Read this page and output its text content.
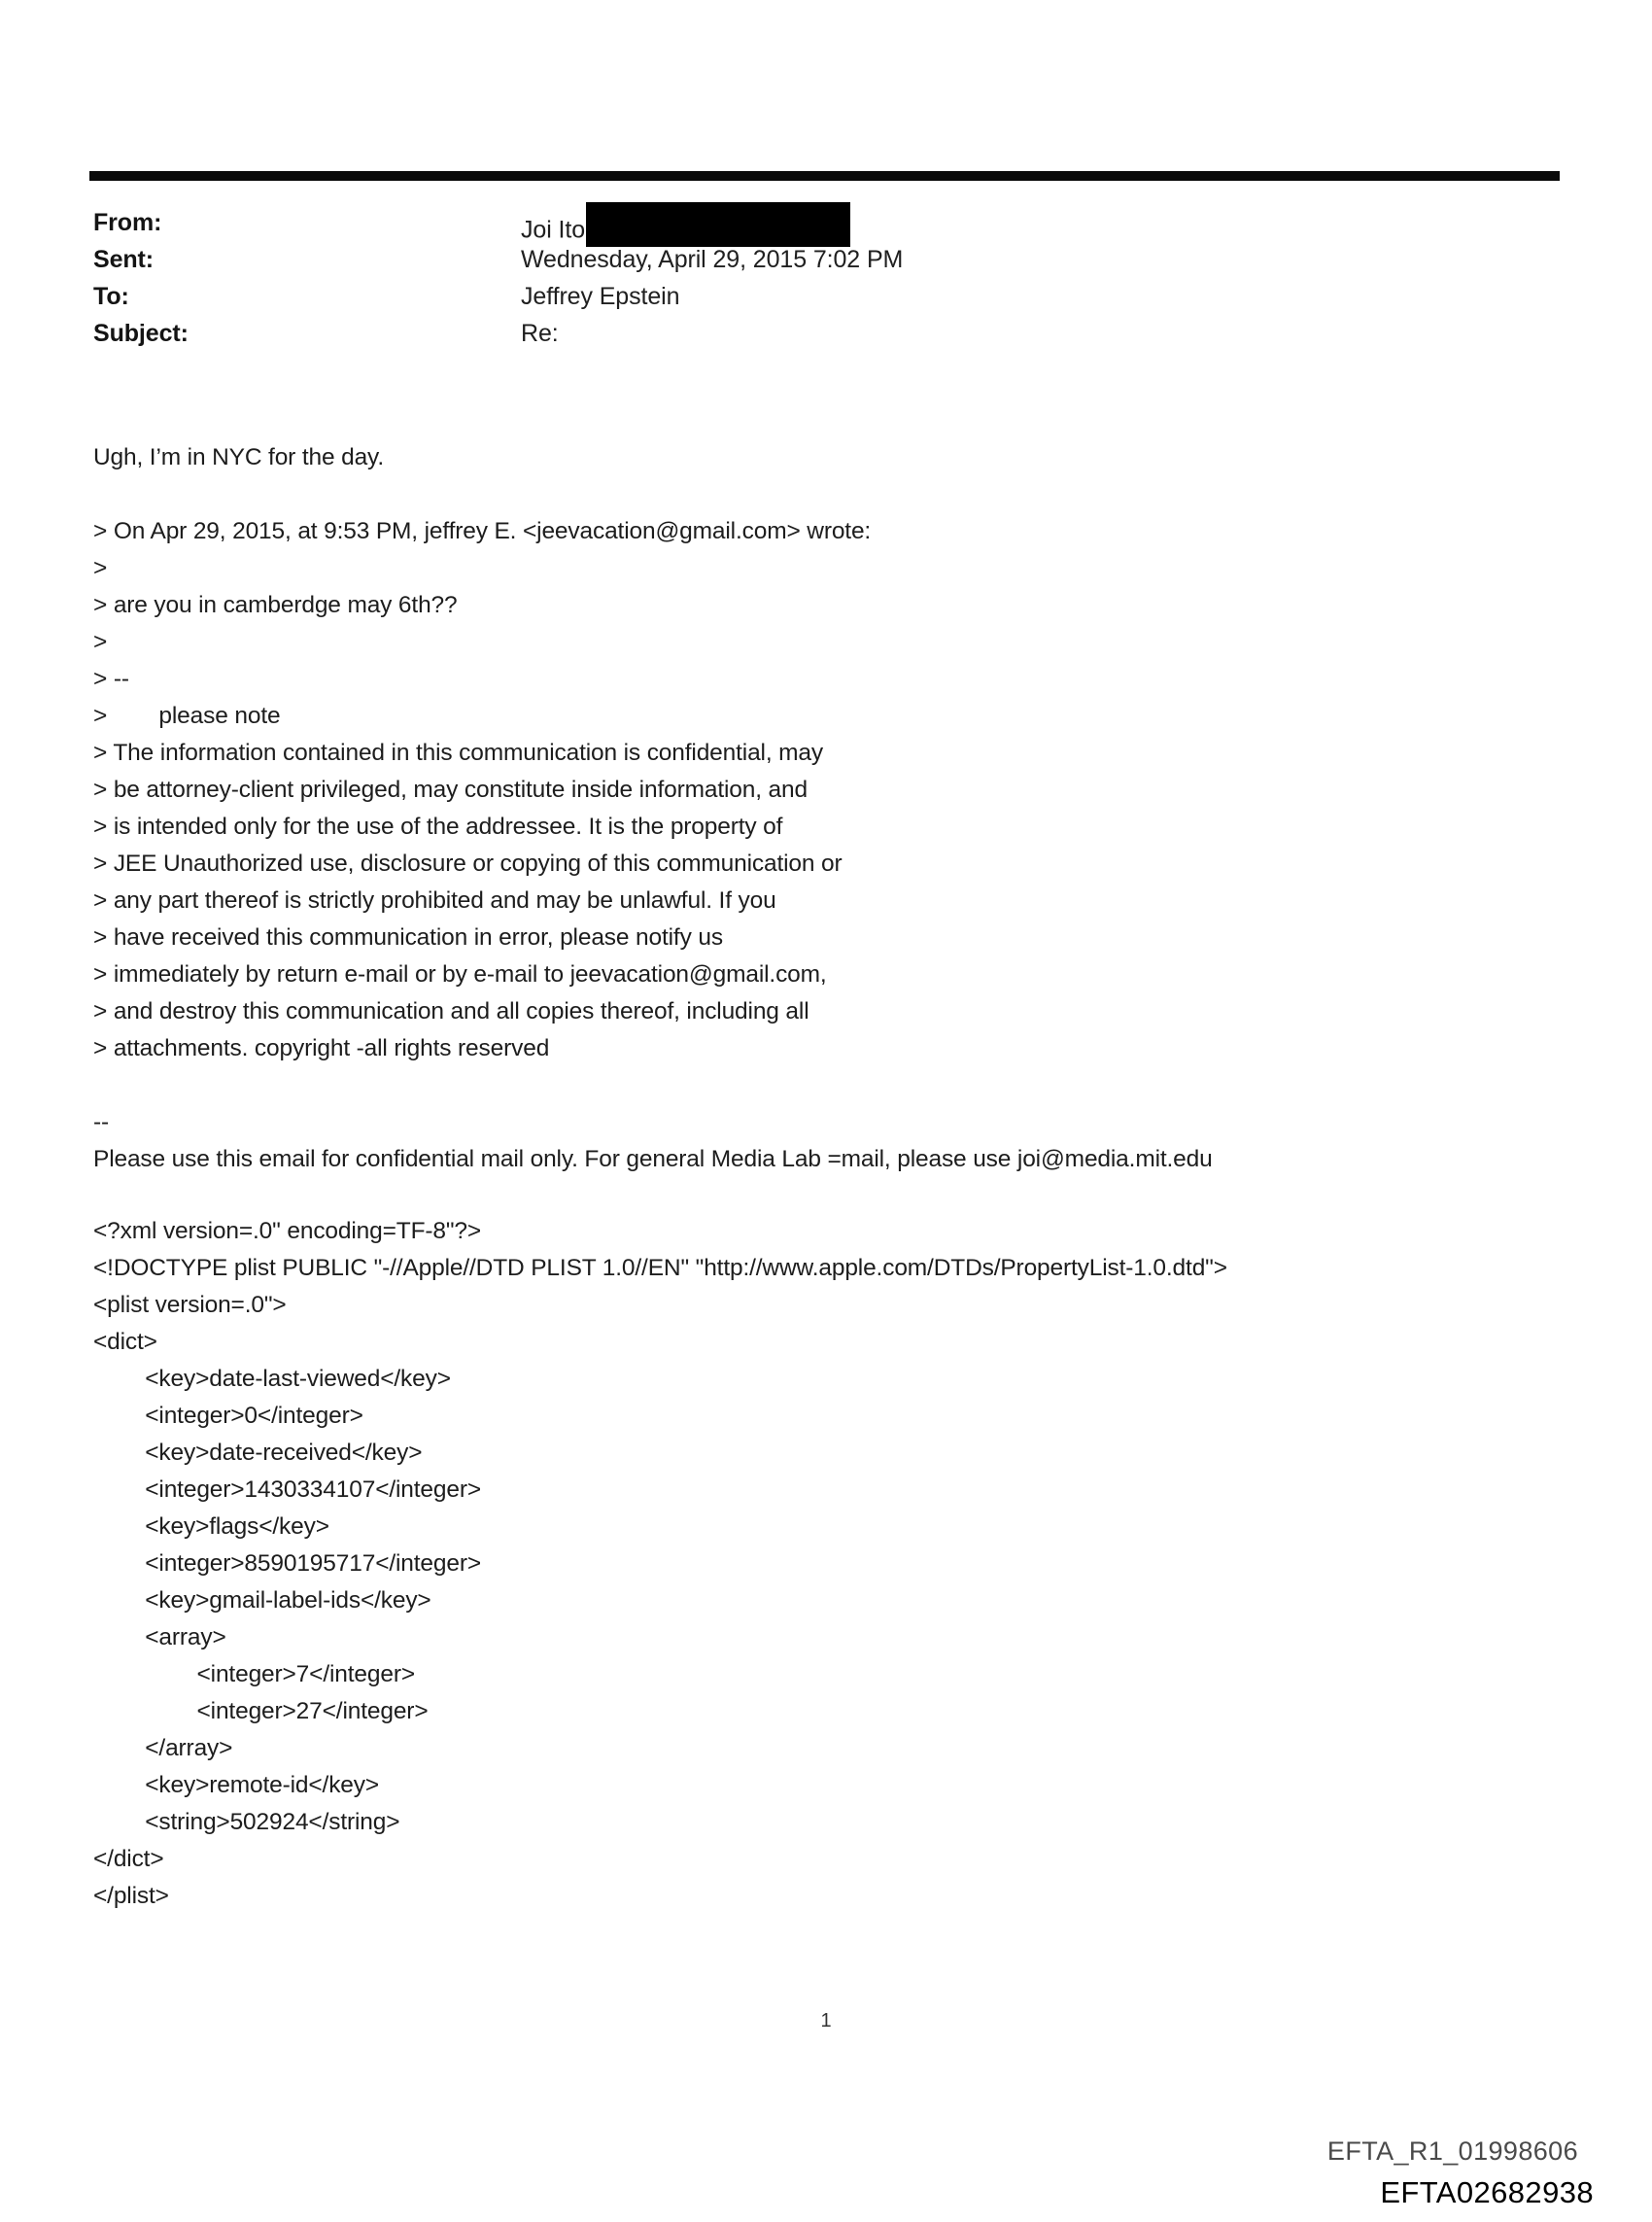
From:	Joi Ito
Sent:	Wednesday, April 29, 2015 7:02 PM
To:	Jeffrey Epstein
Subject:	Re:
Ugh, I’m in NYC for the day.
> On Apr 29, 2015, at 9:53 PM, jeffrey E. <jeevacation@gmail.com> wrote:
>
> are you in camberdge may 6th??
>
> --
>        please note
> The information contained in this communication is confidential, may
> be attorney-client privileged, may constitute inside information, and
> is intended only for the use of the addressee. It is the property of
> JEE Unauthorized use, disclosure or copying of this communication or
> any part thereof is strictly prohibited and may be unlawful. If you
> have received this communication in error, please notify us
> immediately by return e-mail or by e-mail to jeevacation@gmail.com,
> and destroy this communication and all copies thereof, including all
> attachments. copyright -all rights reserved
--
Please use this email for confidential mail only. For general Media Lab =mail, please use joi@media.mit.edu
<?xml version=.0" encoding=TF-8"?>
<!DOCTYPE plist PUBLIC "-//Apple//DTD PLIST 1.0//EN" "http://www.apple.com/DTDs/PropertyList-1.0.dtd">
<plist version=.0">
<dict>
<key>date-last-viewed</key>
<integer>0</integer>
<key>date-received</key>
<integer>1430334107</integer>
<key>flags</key>
<integer>8590195717</integer>
<key>gmail-label-ids</key>
<array>
<integer>7</integer>
<integer>27</integer>
</array>
<key>remote-id</key>
<string>502924</string>
</dict>
</plist>
1
EFTA_R1_01998606
EFTA02682938
